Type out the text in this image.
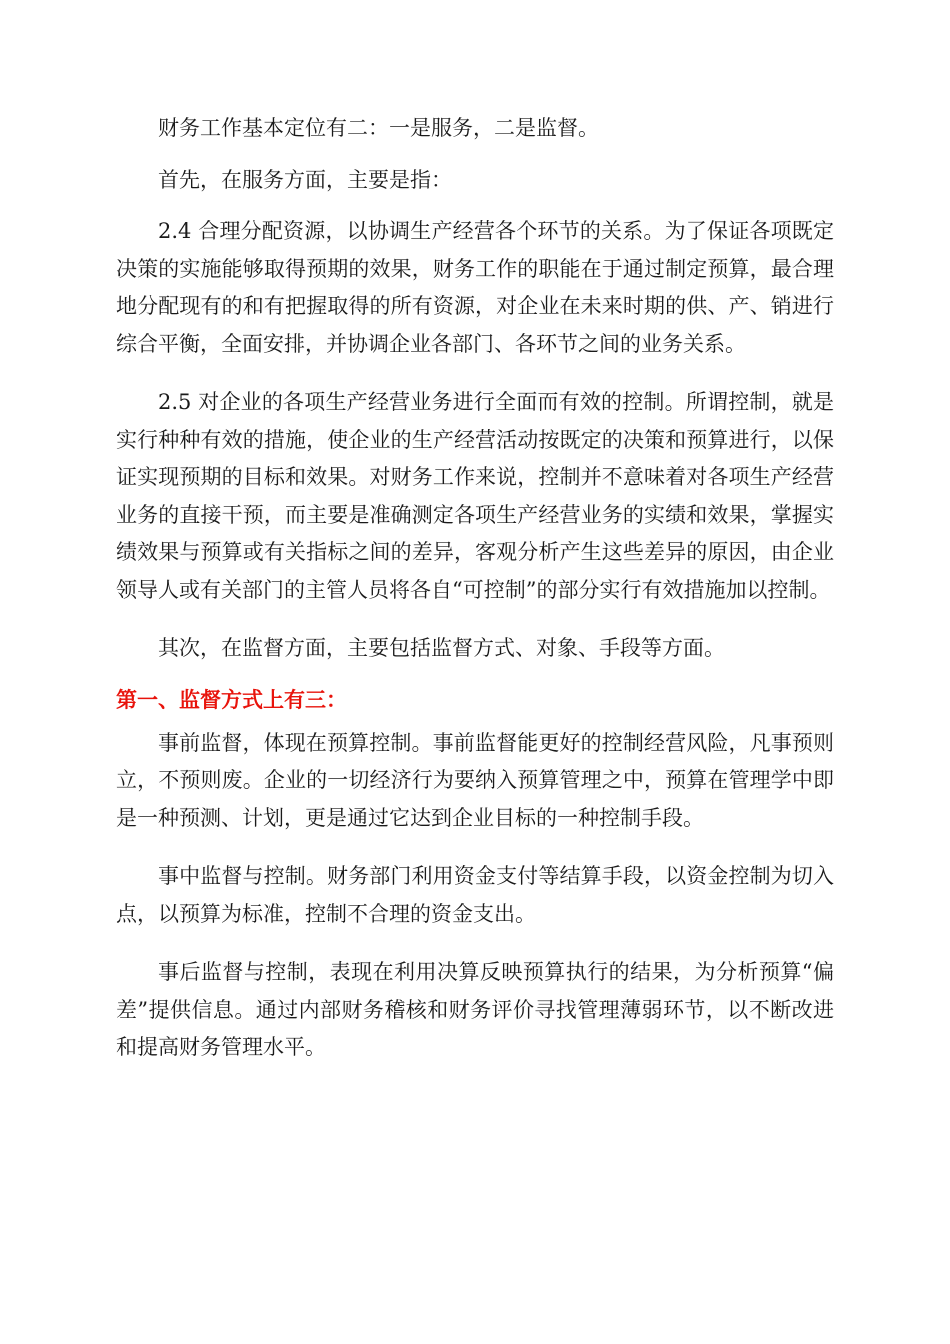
财务工作基本定位有二：一是服务，二是监督。

首先，在服务方面，主要是指：

2.4 合理分配资源，以协调生产经营各个环节的关系。为了保证各项既定决策的实施能够取得预期的效果，财务工作的职能在于通过制定预算，最合理地分配现有的和有把握取得的所有资源，对企业在未来时期的供、产、销进行综合平衡，全面安排，并协调企业各部门、各环节之间的业务关系。

2.5 对企业的各项生产经营业务进行全面而有效的控制。所谓控制，就是实行种种有效的措施，使企业的生产经营活动按既定的决策和预算进行，以保证实现预期的目标和效果。对财务工作来说，控制并不意味着对各项生产经营业务的直接干预，而主要是准确测定各项生产经营业务的实绩和效果，掌握实绩效果与预算或有关指标之间的差异，客观分析产生这些差异的原因，由企业领导人或有关部门的主管人员将各自“可控制”的部分实行有效措施加以控制。

其次，在监督方面，主要包括监督方式、对象、手段等方面。

第一、监督方式上有三：

事前监督，体现在预算控制。事前监督能更好的控制经营风险，凡事预则立，不预则废。企业的一切经济行为要纳入预算管理之中，预算在管理学中即是一种预测、计划，更是通过它达到企业目标的一种控制手段。

事中监督与控制。财务部门利用资金支付等结算手段，以资金控制为切入点，以预算为标准，控制不合理的资金支出。

事后监督与控制，表现在利用决算反映预算执行的结果，为分析预算“偏差”提供信息。通过内部财务稽核和财务评价寻找管理薄弱环节，以不断改进和提高财务管理水平。
